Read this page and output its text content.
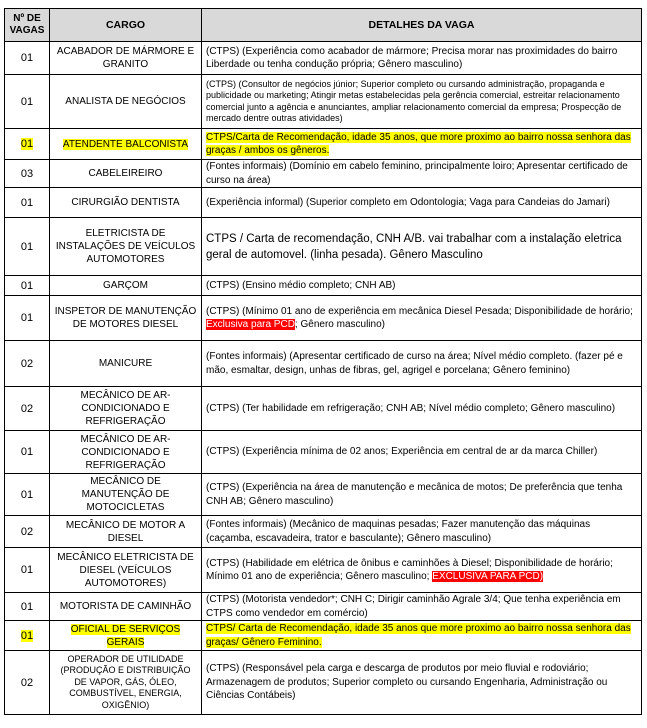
Nº DE VAGAS	CARGO	DETALHES DA VAGA
01	ACABADOR DE MÁRMORE E GRANITO	(CTPS) (Experiência como acabador de mármore; Precisa morar nas proximidades do bairro Liberdade ou tenha condução própria; Gênero masculino)
01	ANALISTA DE NEGÓCIOS	(CTPS) (Consultor de negócios júnior; Superior completo ou cursando administração, propaganda e publicidade ou marketing; Atingir metas estabelecidas pela gerência comercial, estreitar relacionamento comercial junto a agência e anunciantes, ampliar relacionamento comercial da empresa; Prospecção de mercado dentre outras atividades)
01	ATENDENTE BALCONISTA	CTPS/Carta de Recomendação, idade 35 anos, que more proximo ao bairro nossa senhora das graças / ambos os gêneros.
03	CABELEIREIRO	(Fontes informais) (Domínio em cabelo feminino, principalmente loiro; Apresentar certificado de curso na área)
01	CIRURGIÃO DENTISTA	(Experiência informal) (Superior completo em Odontologia; Vaga para Candeias do Jamari)
01	ELETRICISTA DE INSTALAÇÕES DE VEÍCULOS AUTOMOTORES	CTPS / Carta de recomendação, CNH A/B. vai trabalhar com a instalação eletrica geral de automovel. (linha pesada). Gênero Masculino
01	GARÇOM	(CTPS) (Ensino médio completo; CNH AB)
01	INSPETOR DE MANUTENÇÃO DE MOTORES DIESEL	(CTPS) (Mínimo 01 ano de experiência em mecânica Diesel Pesada; Disponibilidade de horário; Exclusiva para PCD; Gênero masculino)
02	MANICURE	(Fontes informais) (Apresentar certificado de curso na área; Nível médio completo. (fazer pé e mão, esmaltar, design, unhas de fibras, gel, agrigel e porcelana; Gênero feminino)
02	MECÂNICO DE AR-CONDICIONADO E REFRIGERAÇÃO	(CTPS) (Ter habilidade em refrigeração; CNH AB; Nível médio completo; Gênero masculino)
01	MECÂNICO DE AR-CONDICIONADO E REFRIGERAÇÃO	(CTPS) (Experiência mínima de 02 anos; Experiência em central de ar da marca Chiller)
01	MECÂNICO DE MANUTENÇÃO DE MOTOCICLETAS	(CTPS) (Experiência na área de manutenção e mecânica de motos; De preferência que tenha CNH AB; Gênero masculino)
02	MECÂNICO DE MOTOR A DIESEL	(Fontes informais) (Mecânico de maquinas pesadas; Fazer manutenção das máquinas (caçamba, escavadeira, trator e basculante); Gênero masculino)
01	MECÂNICO ELETRICISTA DE DIESEL (VEÍCULOS AUTOMOTORES)	(CTPS) (Habilidade em elétrica de ônibus e caminhões à Diesel; Disponibilidade de horário; Mínimo 01 ano de experiência; Gênero masculino; EXCLUSIVA PARA PCD)
01	MOTORISTA DE CAMINHÃO	(CTPS) (Motorista vendedor*; CNH C; Dirigir caminhão Agrale 3/4; Que tenha experiência em CTPS como vendedor em comércio)
01	OFICIAL DE SERVIÇOS GERAIS	CTPS/ Carta de Recomendação, idade 35 anos que more proximo ao bairro nossa senhora das graças/ Gênero Feminino.
02	OPERADOR DE UTILIDADE (PRODUÇÃO E DISTRIBUIÇÃO DE VAPOR, GÁS, ÓLEO, COMBUSTÍVEL, ENERGIA, OXIGÊNIO)	(CTPS) (Responsável pela carga e descarga de produtos por meio fluvial e rodoviário; Armazenagem de produtos; Superior completo ou cursando Engenharia, Administração ou Ciências Contábeis)
